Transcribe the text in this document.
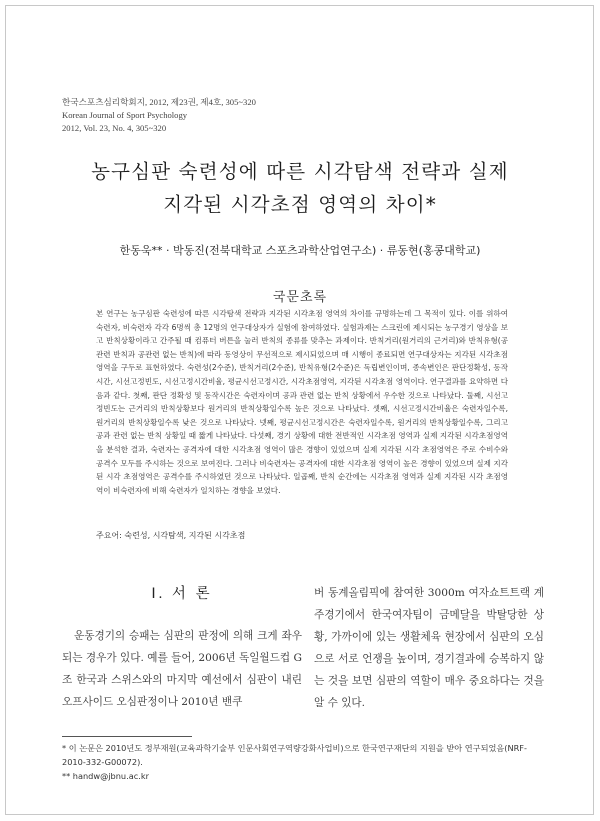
한국스포츠심리학회지, 2012, 제23권, 제4호, 305~320
Korean Journal of Sport Psychology
2012, Vol. 23, No. 4, 305~320
농구심판 숙련성에 따른 시각탐색 전략과 실제
지각된 시각초점 영역의 차이*
한동욱** · 박동진(전북대학교 스포츠과학산업연구소) · 류동현(홍콩대학교)
국문초록

본 연구는 농구심판 숙련성에 따른 시각탐색 전략과 지각된 시각초점 영역의 차이를 규명하는데 그 목적이 있다. 이를 위하여 숙련자, 비숙련자 각각 6명씩 총 12명의 연구대상자가 실험에 참여하였다. 실험과제는 스크린에 제시되는 농구경기 영상을 보고 반칙상황이라고 간주될 때 컴퓨터 버튼을 눌러 반칙의 종류를 맞추는 과제이다. 반칙거리(원거리의 근거리)와 반칙유형(공관련 반칙과 공관련 없는 반칙)에 따라 동영상이 무선적으로 제시되었으며 매 시행이 종료되면 연구대상자는 지각된 시각초점 영역을 구두로 표현하였다. 숙련성(2수준), 반칙거리(2수준), 반칙유형(2수준)은 독립변인이며, 종속변인은 판단정확성, 동작시간, 시선고정빈도, 시선고정시간비율, 평균시선고정시간, 시각초점영역, 지각된 시각초점 영역이다. 연구결과를 요약하면 다음과 같다. 첫째, 판단 정확성 및 동작시간은 숙련자이며 공과 관련 없는 반칙 상황에서 우수한 것으로 나타났다. 둘째, 시선고정빈도는 근거리의 반칙상황보다 원거리의 반칙상황일수록 높은 것으로 나타났다. 셋째, 시선고정시간비율은 숙련자일수록, 원거리의 반칙상황일수록 낮은 것으로 나타났다. 넷째, 평균시선고정시간은 숙련자일수록, 원거리의 반칙상황일수록, 그리고 공과 관련 없는 반칙 상황일 때 짧게 나타났다. 다섯째, 경기 상황에 대한 전반적인 시각초점 영역과 실제 지각된 시각초점영역을 분석한 결과, 숙련자는 공격자에 대한 시각초점 영역이 많은 경향이 있었으며 실제 지각된 시각 초점영역은 주로 수비수와 공격수 모두를 주시하는 것으로 보여진다. 그러나 비숙련자는 공격자에 대한 시각초점 영역이 높은 경향이 있었으며 실제 지각된 시각 초점영역은 공격수를 주시하였던 것으로 나타났다. 일곱째, 반칙 순간에는 시각초점 영역과 실제 지각된 시각 초점영역이 비숙련자에 비해 숙련자가 일치하는 경향을 보였다.

주요어: 숙련성, 시각탐색, 지각된 시각초점
Ⅰ. 서 론
운동경기의 승패는 심판의 판정에 의해 크게 좌우되는 경우가 있다. 예를 들어, 2006년 독일월드컵 G조 한국과 스위스와의 마지막 예선에서 심판이 내린 오프사이드 오심판정이나 2010년 밴쿠
버 동계올림픽에 참여한 3000m 여자쇼트트랙 계주경기에서 한국여자팀이 금메달을 박탈당한 상황, 가까이에 있는 생활체육 현장에서 심판의 오심으로 서로 언쟁을 높이며, 경기결과에 승복하지 않는 것을 보면 심판의 역할이 매우 중요하다는 것을 알 수 있다.

* 이 논문은 2010년도 정부재원(교육과학기술부 인문사회연구역량강화사업비)으로 한국연구재단의 지원을 받아 연구되었음(NRF-2010-332-G00072).

** handw@jbnu.ac.kr
